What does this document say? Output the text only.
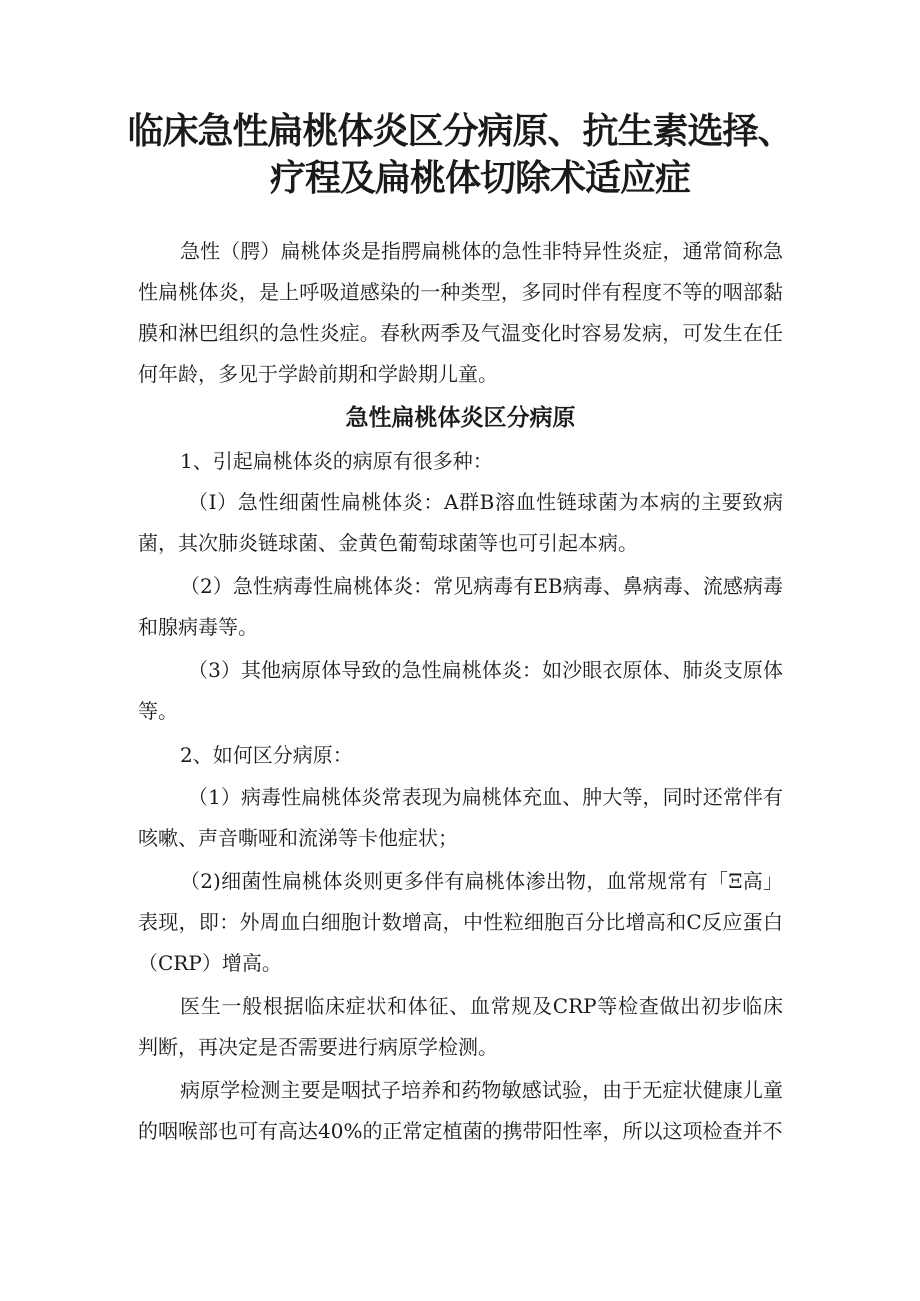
临床急性扁桃体炎区分病原、抗生素选择、
疗程及扁桃体切除术适应症

急性（腭）扁桃体炎是指腭扁桃体的急性非特异性炎症，通常简称急性扁桃体炎，是上呼吸道感染的一种类型，多同时伴有程度不等的咽部黏膜和淋巴组织的急性炎症。春秋两季及气温变化时容易发病，可发生在任何年龄，多见于学龄前期和学龄期儿童。

急性扁桃体炎区分病原

1、引起扁桃体炎的病原有很多种：

（I）急性细菌性扁桃体炎：A群B溶血性链球菌为本病的主要致病菌，其次肺炎链球菌、金黄色葡萄球菌等也可引起本病。

（2）急性病毒性扁桃体炎：常见病毒有EB病毒、鼻病毒、流感病毒和腺病毒等。

（3）其他病原体导致的急性扁桃体炎：如沙眼衣原体、肺炎支原体等。

2、如何区分病原：

（1）病毒性扁桃体炎常表现为扁桃体充血、肿大等，同时还常伴有咳嗽、声音嘶哑和流涕等卡他症状；

（2)细菌性扁桃体炎则更多伴有扁桃体渗出物，血常规常有「Ξ高」表现，即：外周血白细胞计数增高，中性粒细胞百分比增高和C反应蛋白（CRP）增高。

医生一般根据临床症状和体征、血常规及CRP等检查做出初步临床判断，再决定是否需要进行病原学检测。

病原学检测主要是咽拭子培养和药物敏感试验，由于无症状健康儿童的咽喉部也可有高达40%的正常定植菌的携带阳性率，所以这项检查并不
